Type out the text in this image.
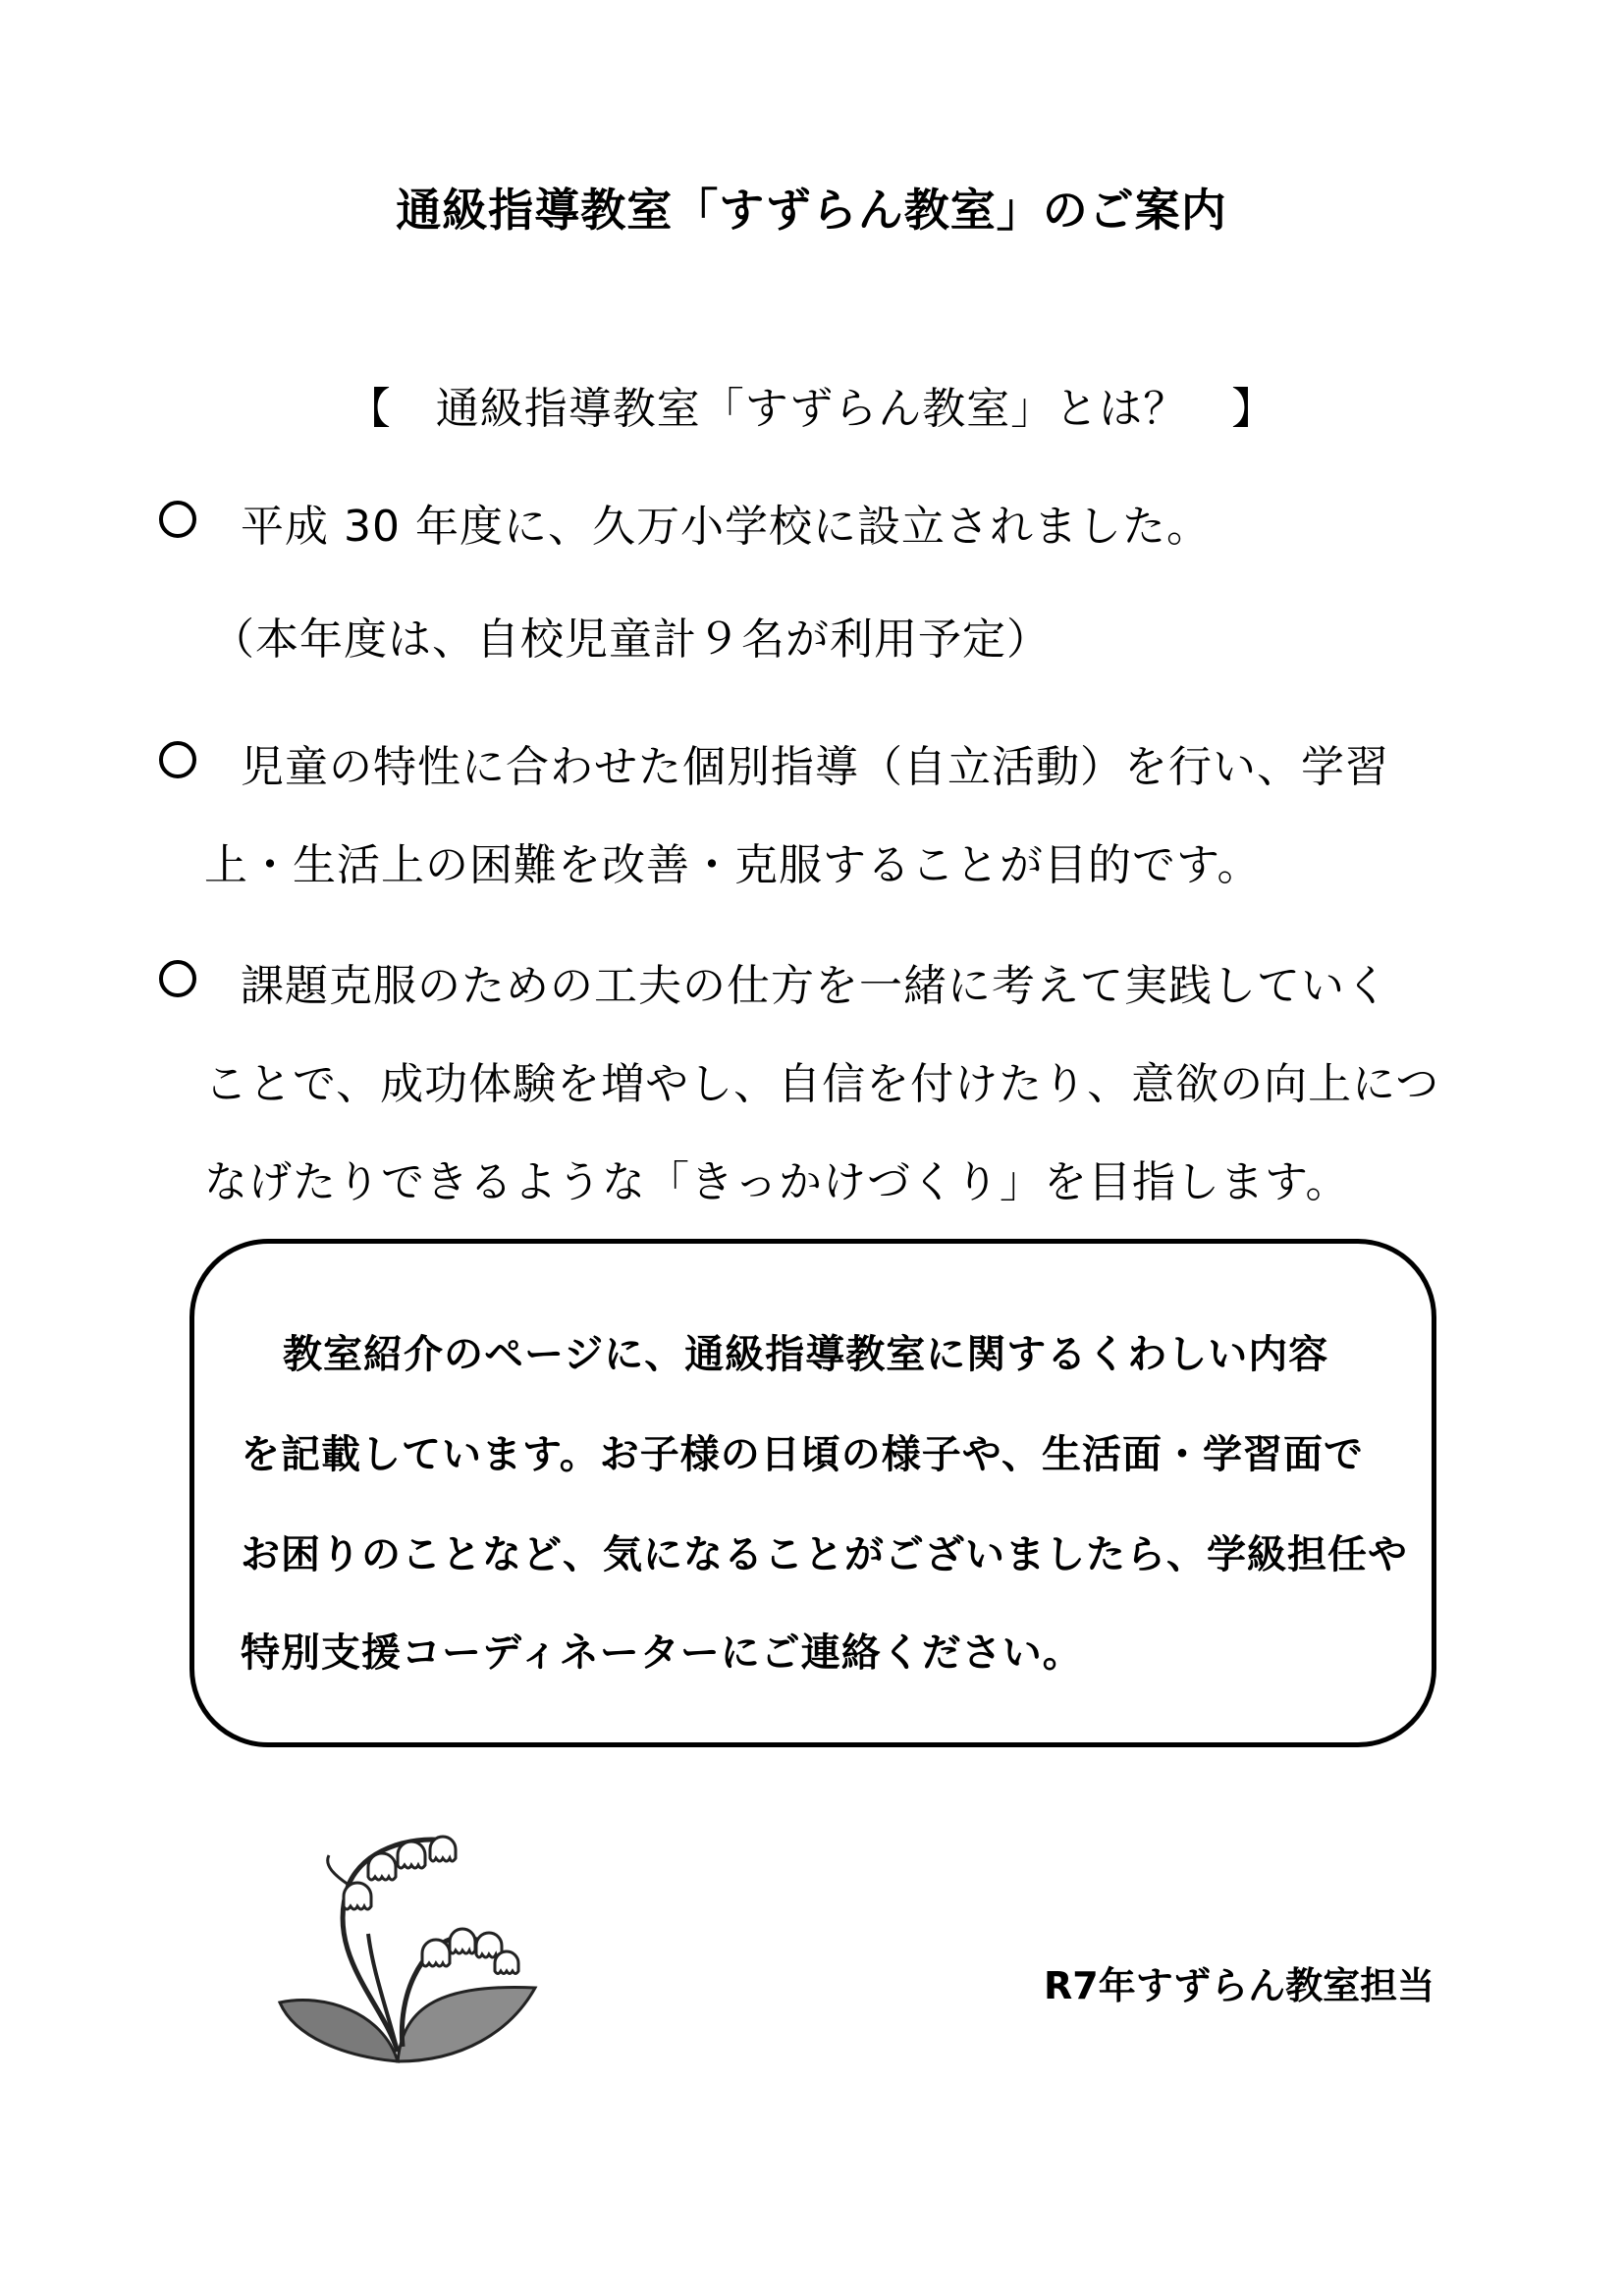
通級指導教室「すずらん教室」のご案内
【　通級指導教室「すずらん教室」とは？　】
平成 30 年度に、久万小学校に設立されました。
（本年度は、自校児童計９名が利用予定）
児童の特性に合わせた個別指導（自立活動）を行い、学習
上・生活上の困難を改善・克服することが目的です。
課題克服のための工夫の仕方を一緒に考えて実践していく
ことで、成功体験を増やし、自信を付けたり、意欲の向上につ
なげたりできるような「きっかけづくり」を目指します。
教室紹介のページに、通級指導教室に関するくわしい内容
を記載しています。お子様の日頃の様子や、生活面・学習面で
お困りのことなど、気になることがございましたら、学級担任や
特別支援コーディネーターにご連絡ください。
R7年すずらん教室担当
